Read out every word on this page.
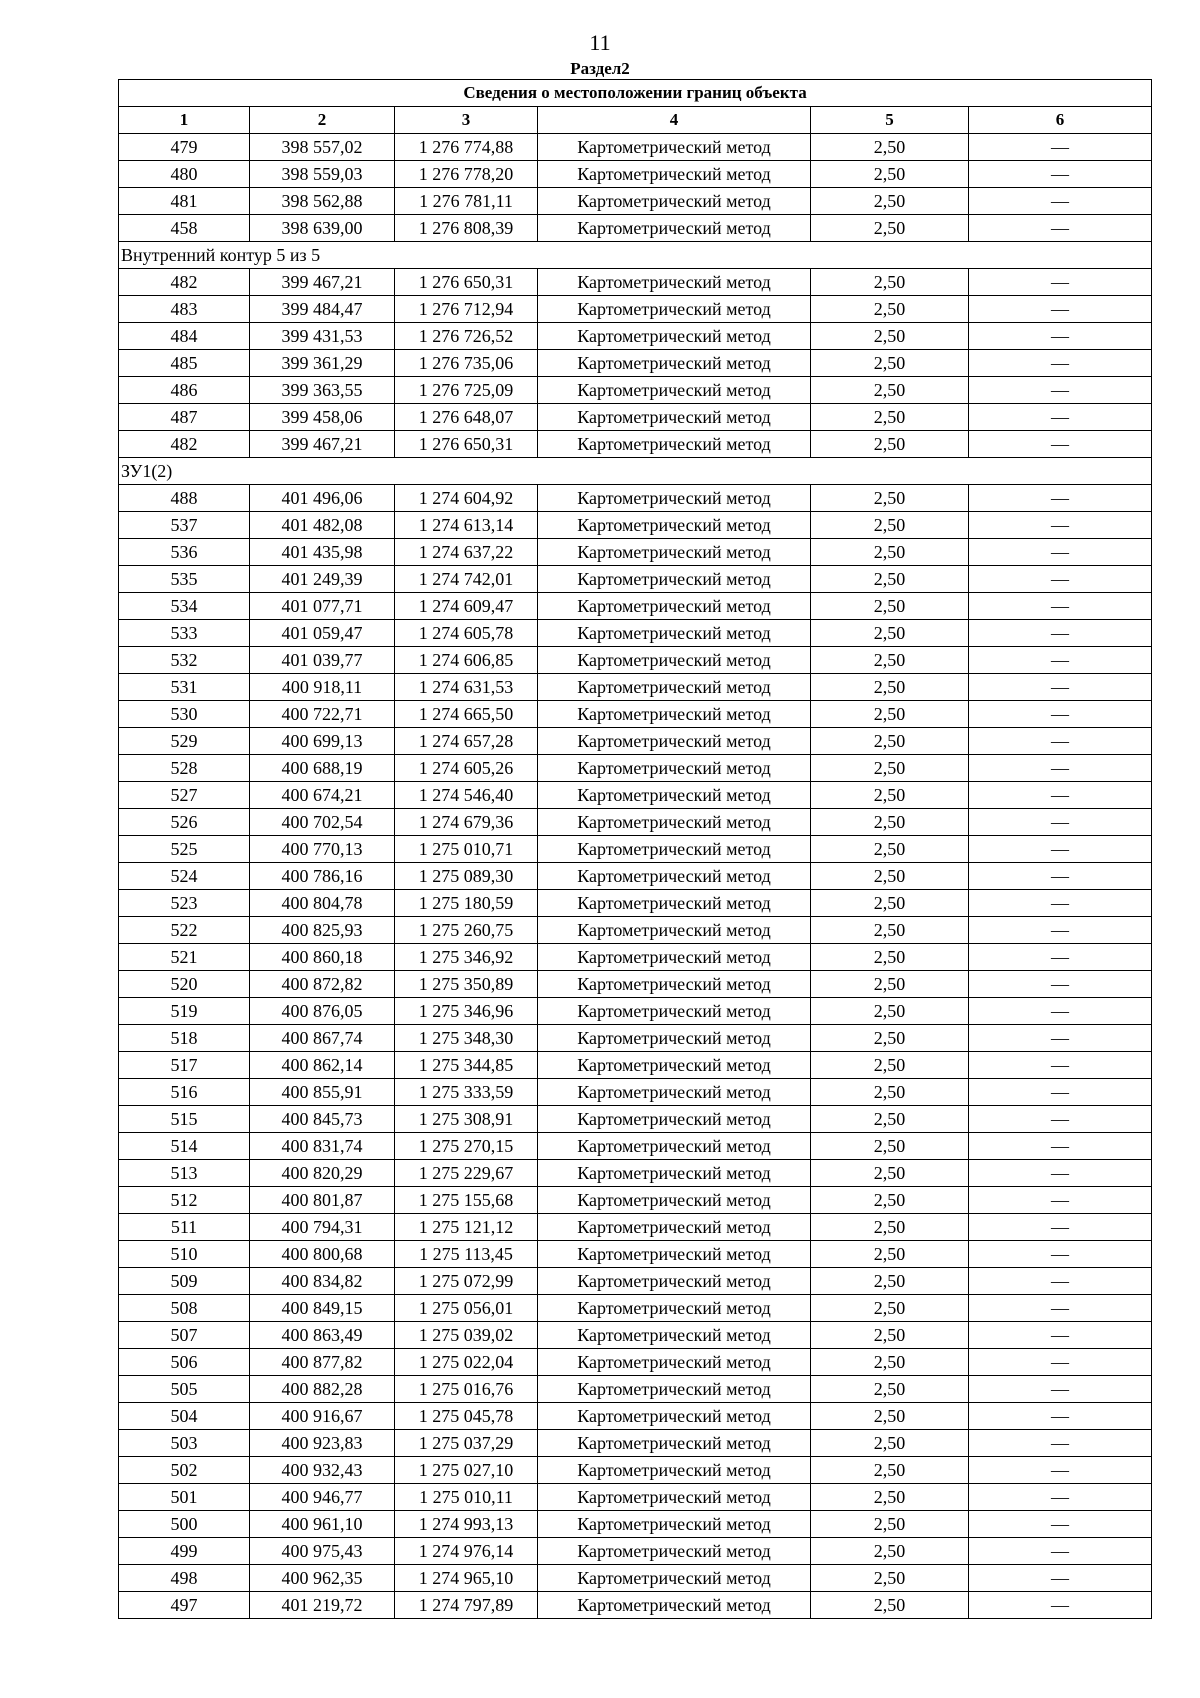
11
Раздел2
Сведения о местоположении границ объекта					
1	2	3	4	5	6
479	398 557,02	1 276 774,88	Картометрический метод	2,50	—
480	398 559,03	1 276 778,20	Картометрический метод	2,50	—
481	398 562,88	1 276 781,11	Картометрический метод	2,50	—
458	398 639,00	1 276 808,39	Картометрический метод	2,50	—
Внутренний контур 5 из 5					
482	399 467,21	1 276 650,31	Картометрический метод	2,50	—
483	399 484,47	1 276 712,94	Картометрический метод	2,50	—
484	399 431,53	1 276 726,52	Картометрический метод	2,50	—
485	399 361,29	1 276 735,06	Картометрический метод	2,50	—
486	399 363,55	1 276 725,09	Картометрический метод	2,50	—
487	399 458,06	1 276 648,07	Картометрический метод	2,50	—
482	399 467,21	1 276 650,31	Картометрический метод	2,50	—
ЗУ1(2)					
488	401 496,06	1 274 604,92	Картометрический метод	2,50	—
537	401 482,08	1 274 613,14	Картометрический метод	2,50	—
536	401 435,98	1 274 637,22	Картометрический метод	2,50	—
535	401 249,39	1 274 742,01	Картометрический метод	2,50	—
534	401 077,71	1 274 609,47	Картометрический метод	2,50	—
533	401 059,47	1 274 605,78	Картометрический метод	2,50	—
532	401 039,77	1 274 606,85	Картометрический метод	2,50	—
531	400 918,11	1 274 631,53	Картометрический метод	2,50	—
530	400 722,71	1 274 665,50	Картометрический метод	2,50	—
529	400 699,13	1 274 657,28	Картометрический метод	2,50	—
528	400 688,19	1 274 605,26	Картометрический метод	2,50	—
527	400 674,21	1 274 546,40	Картометрический метод	2,50	—
526	400 702,54	1 274 679,36	Картометрический метод	2,50	—
525	400 770,13	1 275 010,71	Картометрический метод	2,50	—
524	400 786,16	1 275 089,30	Картометрический метод	2,50	—
523	400 804,78	1 275 180,59	Картометрический метод	2,50	—
522	400 825,93	1 275 260,75	Картометрический метод	2,50	—
521	400 860,18	1 275 346,92	Картометрический метод	2,50	—
520	400 872,82	1 275 350,89	Картометрический метод	2,50	—
519	400 876,05	1 275 346,96	Картометрический метод	2,50	—
518	400 867,74	1 275 348,30	Картометрический метод	2,50	—
517	400 862,14	1 275 344,85	Картометрический метод	2,50	—
516	400 855,91	1 275 333,59	Картометрический метод	2,50	—
515	400 845,73	1 275 308,91	Картометрический метод	2,50	—
514	400 831,74	1 275 270,15	Картометрический метод	2,50	—
513	400 820,29	1 275 229,67	Картометрический метод	2,50	—
512	400 801,87	1 275 155,68	Картометрический метод	2,50	—
511	400 794,31	1 275 121,12	Картометрический метод	2,50	—
510	400 800,68	1 275 113,45	Картометрический метод	2,50	—
509	400 834,82	1 275 072,99	Картометрический метод	2,50	—
508	400 849,15	1 275 056,01	Картометрический метод	2,50	—
507	400 863,49	1 275 039,02	Картометрический метод	2,50	—
506	400 877,82	1 275 022,04	Картометрический метод	2,50	—
505	400 882,28	1 275 016,76	Картометрический метод	2,50	—
504	400 916,67	1 275 045,78	Картометрический метод	2,50	—
503	400 923,83	1 275 037,29	Картометрический метод	2,50	—
502	400 932,43	1 275 027,10	Картометрический метод	2,50	—
501	400 946,77	1 275 010,11	Картометрический метод	2,50	—
500	400 961,10	1 274 993,13	Картометрический метод	2,50	—
499	400 975,43	1 274 976,14	Картометрический метод	2,50	—
498	400 962,35	1 274 965,10	Картометрический метод	2,50	—
497	401 219,72	1 274 797,89	Картометрический метод	2,50	—
